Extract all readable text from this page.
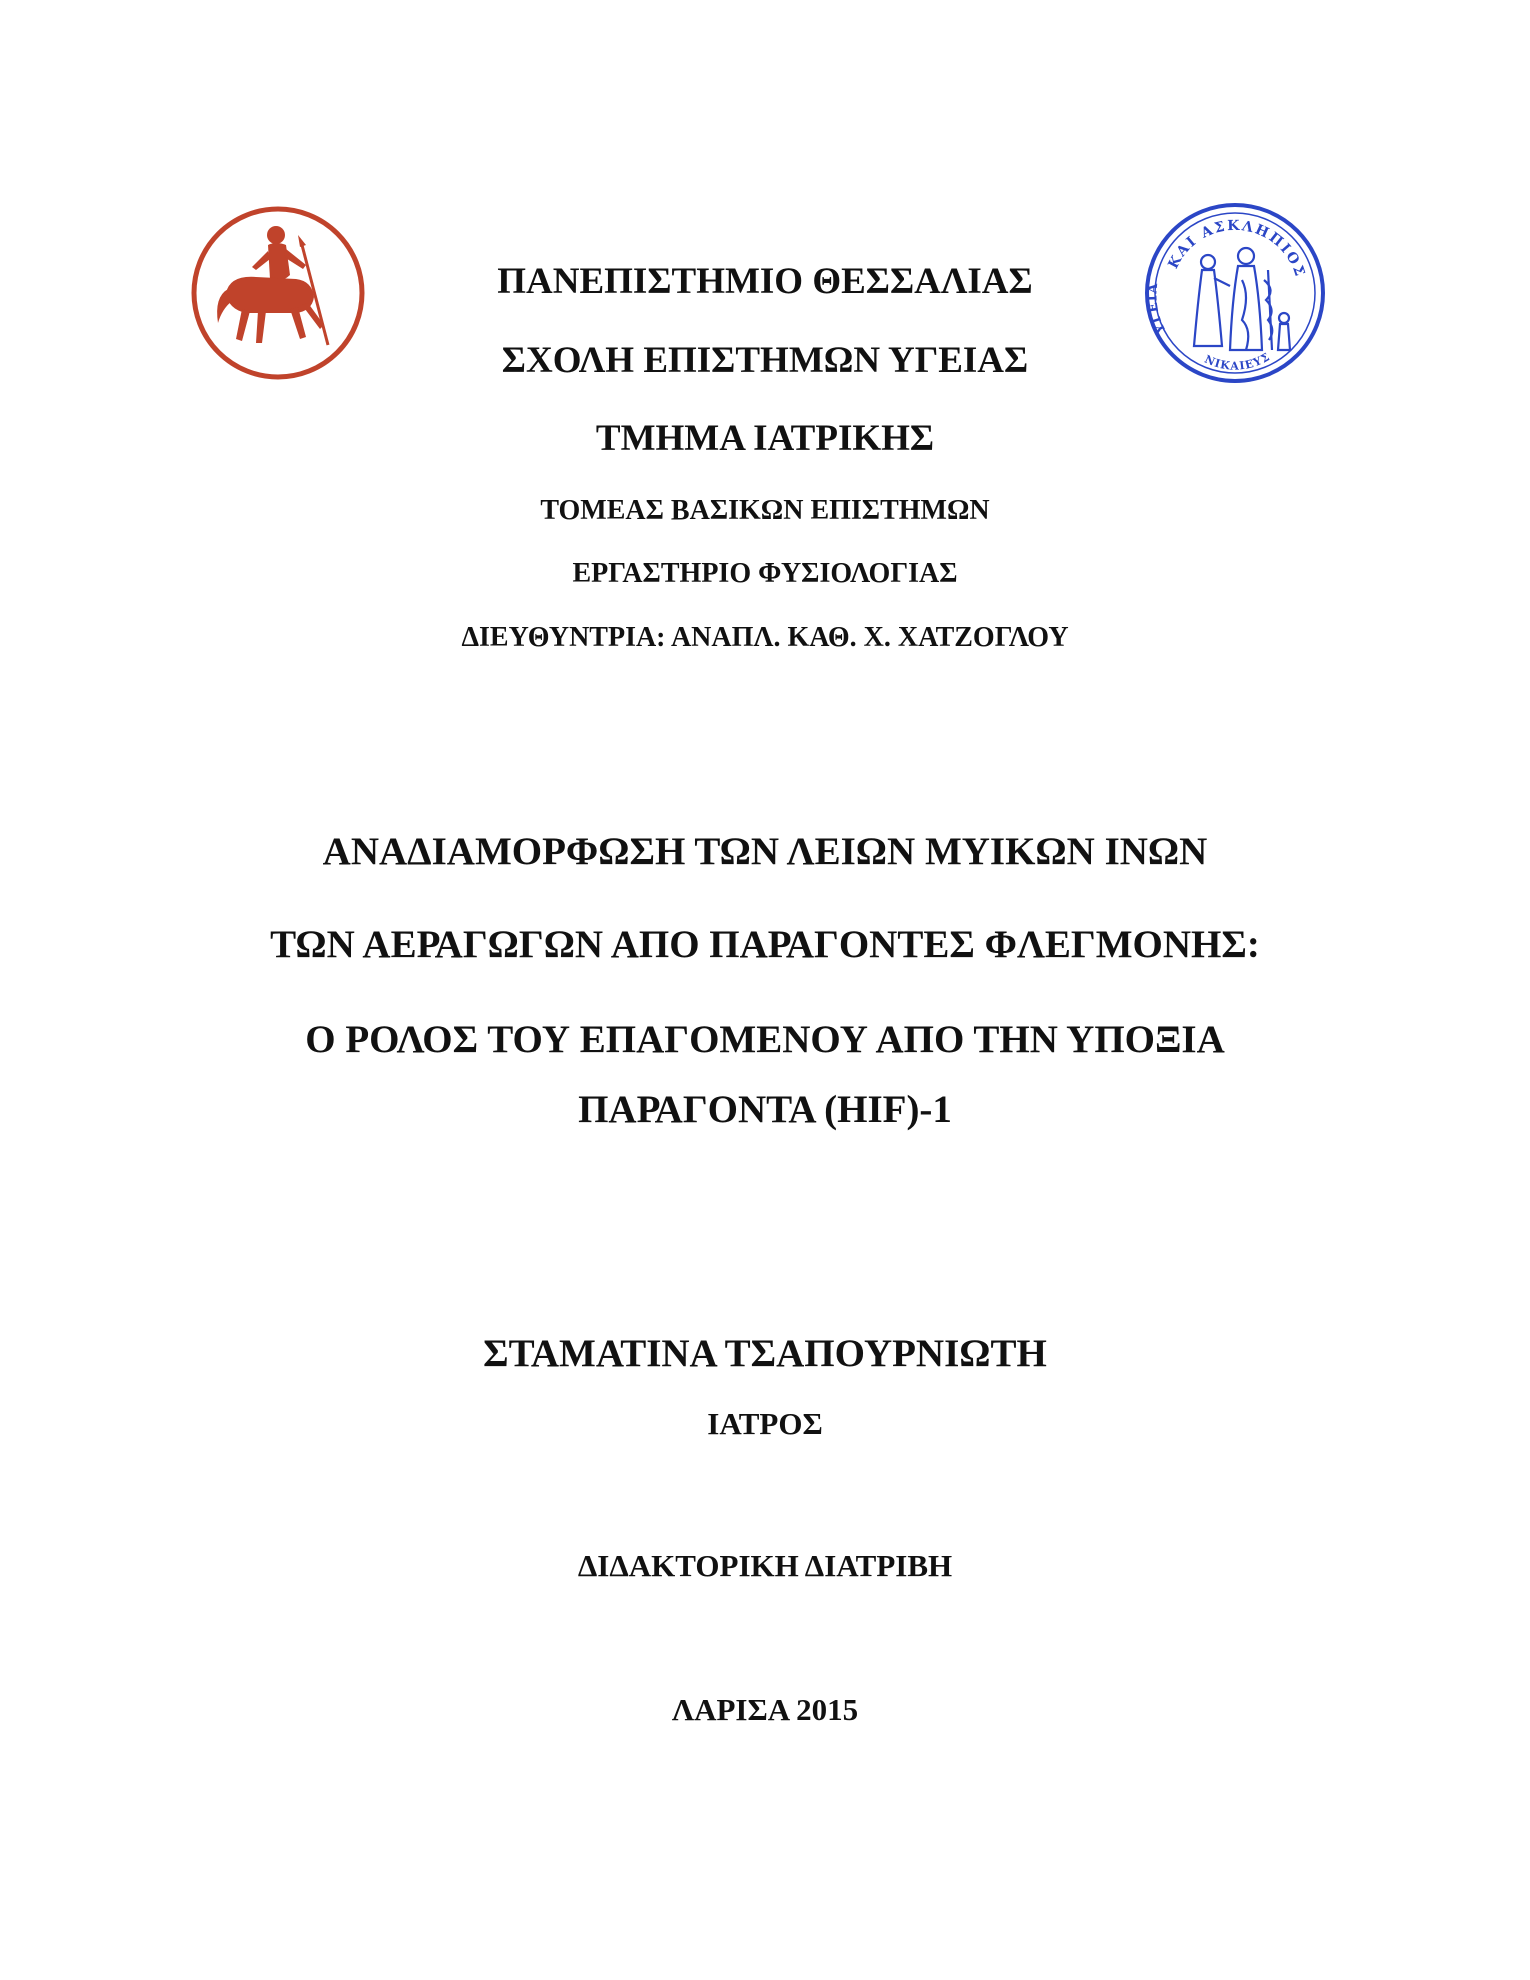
ΚΑΙ ΑΣΚΛΗΠΙΟΣ
ΥΓΕΙΑ
ΝΙΚΑΙΕΥΣ
ΠΑΝΕΠΙΣΤΗΜΙΟ ΘΕΣΣΑΛΙΑΣ
ΣΧΟΛΗ ΕΠΙΣΤΗΜΩΝ ΥΓΕΙΑΣ
ΤΜΗΜΑ ΙΑΤΡΙΚΗΣ
ΤΟΜΕΑΣ ΒΑΣΙΚΩΝ ΕΠΙΣΤΗΜΩΝ
ΕΡΓΑΣΤΗΡΙΟ ΦΥΣΙΟΛΟΓΙΑΣ
ΔΙΕΥΘΥΝΤΡΙΑ: ΑΝΑΠΛ. ΚΑΘ. Χ. ΧΑΤΖΟΓΛΟΥ
ΑΝΑΔΙΑΜΟΡΦΩΣΗ ΤΩΝ ΛΕΙΩΝ ΜΥΙΚΩΝ ΙΝΩΝ
ΤΩΝ ΑΕΡΑΓΩΓΩΝ ΑΠΟ ΠΑΡΑΓΟΝΤΕΣ ΦΛΕΓΜΟΝΗΣ:
Ο ΡΟΛΟΣ ΤΟΥ ΕΠΑΓΟΜΕΝΟΥ ΑΠΟ ΤΗΝ ΥΠΟΞΙΑ
ΠΑΡΑΓΟΝΤΑ (HIF)-1
ΣΤΑΜΑΤΙΝΑ ΤΣΑΠΟΥΡΝΙΩΤΗ
ΙΑΤΡΟΣ
ΔΙΔΑΚΤΟΡΙΚΗ ΔΙΑΤΡΙΒΗ
ΛΑΡΙΣΑ 2015
